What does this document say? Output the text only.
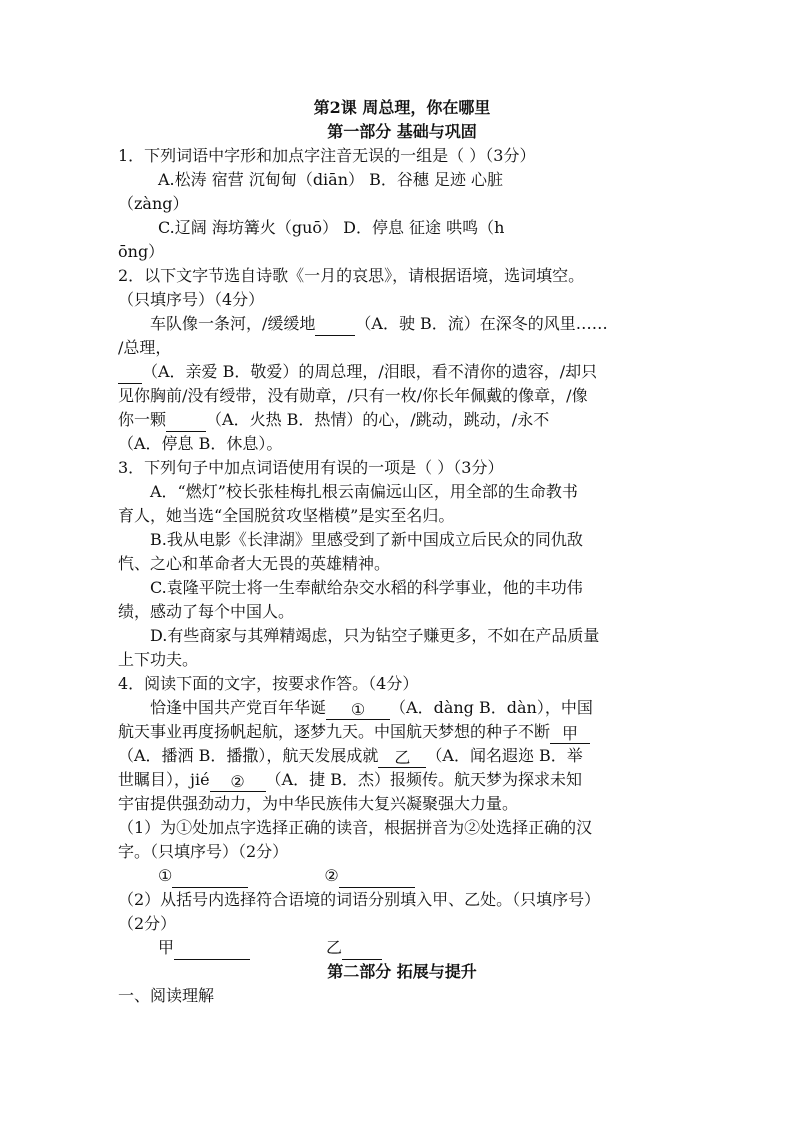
第2课 周总理，你在哪里
第一部分 基础与巩固
1．下列词语中字形和加点字注音无误的一组是（ ）（3分）
A.松涛 宿营 沉甸甸（diān） B．谷穗 足迹 心脏
（zàng）
C.辽阔 海坊篝火（guō） D．停息 征途 哄鸣（h
ōng）
2．以下文字节选自诗歌《一月的哀思》，请根据语境，选词填空。
（只填序号）（4分）
车队像一条河，/缓缓地	（A．驶 B．流）在深冬的风里……
/总理，
（A．亲爱 B．敬爱）的周总理，/泪眼，看不清你的遗容，/却只
见你胸前/没有绶带，没有勋章，/只有一枚/你长年佩戴的像章，/像
你一颗	（A．火热 B．热情）的心，/跳动，跳动，/永不
（A．停息 B．休息）。
3．下列句子中加点词语使用有误的一项是（ ）（3分）
A．“燃灯”校长张桂梅扎根云南偏远山区，用全部的生命教书
育人，她当选“全国脱贫攻坚楷模”是实至名归。
B.我从电影《长津湖》里感受到了新中国成立后民众的同仇敌
忾、之心和革命者大无畏的英雄精神。
C.袁隆平院士将一生奉献给杂交水稻的科学事业，他的丰功伟
绩，感动了每个中国人。
D.有些商家与其殚精竭虑，只为钻空子赚更多，不如在产品质量
上下功夫。
4．阅读下面的文字，按要求作答。（4分）
恰逢中国共产党百年华诞 ① （A．dàng B．dàn），中国
航天事业再度扬帆起航，逐梦九天。中国航天梦想的种子不断 甲
（A．播洒 B．播撒），航天发展成就 乙 （A．闻名遐迩 B．举
世瞩目），jié ② （A．捷 B．杰）报频传。航天梦为探求未知
宇宙提供强劲动力，为中华民族伟大复兴凝聚强大力量。
（1）为①处加点字选择正确的读音，根据拼音为②处选择正确的汉
字。（只填序号）（2分）
①	②
（2）从括号内选择符合语境的词语分别填入甲、乙处。（只填序号）
（2分）
甲	乙
第二部分 拓展与提升
一、阅读理解
